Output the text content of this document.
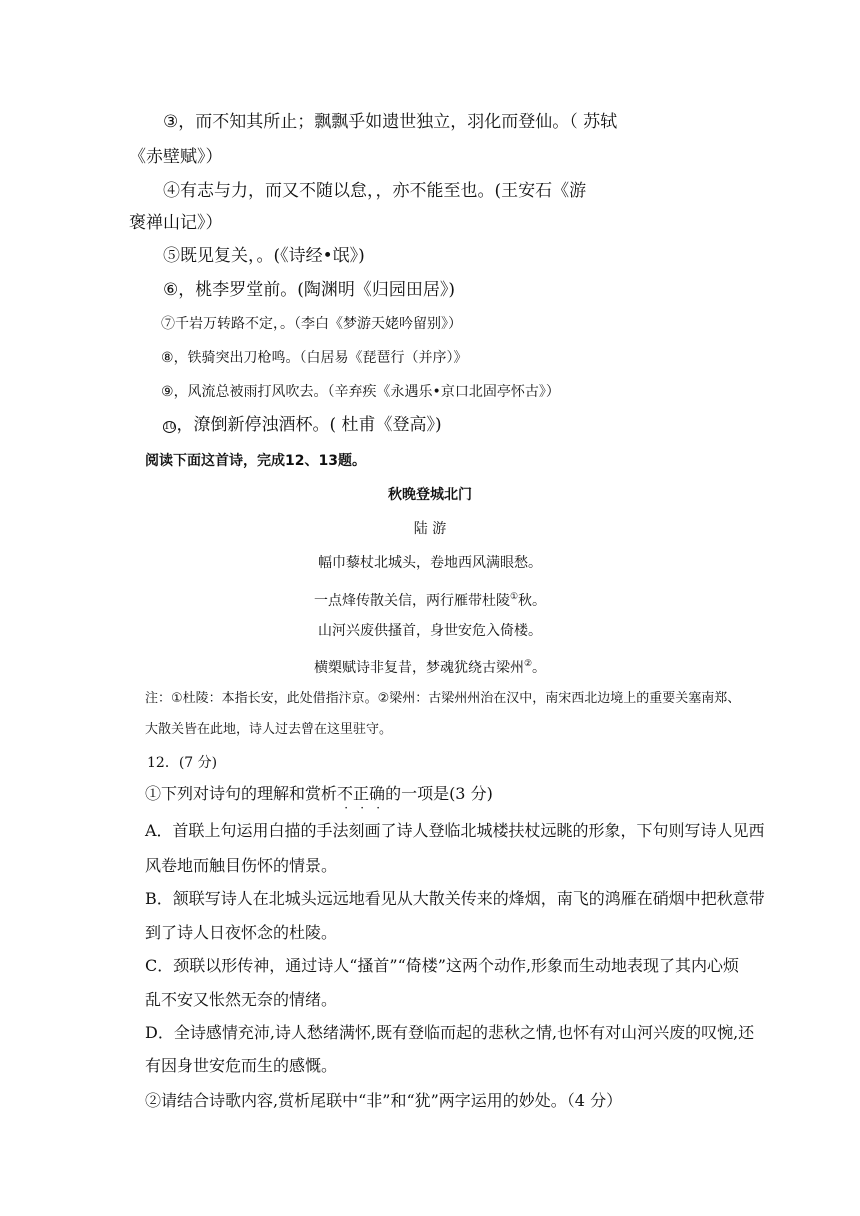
③，而不知其所止；飘飘乎如遗世独立，羽化而登仙。（ 苏轼
《赤壁赋》）
④有志与力，而又不随以怠，，亦不能至也。(王安石《游
褒禅山记》）
⑤既见复关，。(《诗经•氓》)
⑥，桃李罗堂前。(陶渊明《归园田居》)
⑦千岩万转路不定，。（李白《梦游天姥吟留别》）
⑧，铁骑突出刀枪鸣。（白居易《琵琶行（并序）》
⑨，风流总被雨打风吹去。（辛弃疾《永遇乐•京口北固亭怀古》）
10，潦倒新停浊酒杯。( 杜甫《登高》)
阅读下面这首诗，完成12、13题。
秋晚登城北门
陆 游
幅巾藜杖北城头，卷地西风满眼愁。
一点烽传散关信，两行雁带杜陵①秋。
山河兴废供搔首，身世安危入倚楼。
横槊赋诗非复昔，梦魂犹绕古梁州②。
注：①杜陵：本指长安，此处借指汴京。②梁州：古梁州州治在汉中，南宋西北边境上的重要关塞南郑、
大散关皆在此地，诗人过去曾在这里驻守。
12．(7 分)
①下列对诗句的理解和赏析不正确的一项是(3 分)
A．首联上句运用白描的手法刻画了诗人登临北城楼扶杖远眺的形象，下句则写诗人见西
风卷地而触目伤怀的情景。
B．颔联写诗人在北城头远远地看见从大散关传来的烽烟，南飞的鸿雁在硝烟中把秋意带
到了诗人日夜怀念的杜陵。
C．颈联以形传神，通过诗人“搔首”“倚楼”这两个动作,形象而生动地表现了其内心烦
乱不安又怅然无奈的情绪。
D．全诗感情充沛,诗人愁绪满怀,既有登临而起的悲秋之情,也怀有对山河兴废的叹惋,还
有因身世安危而生的感慨。
②请结合诗歌内容,赏析尾联中“非”和“犹”两字运用的妙处。（4 分）
